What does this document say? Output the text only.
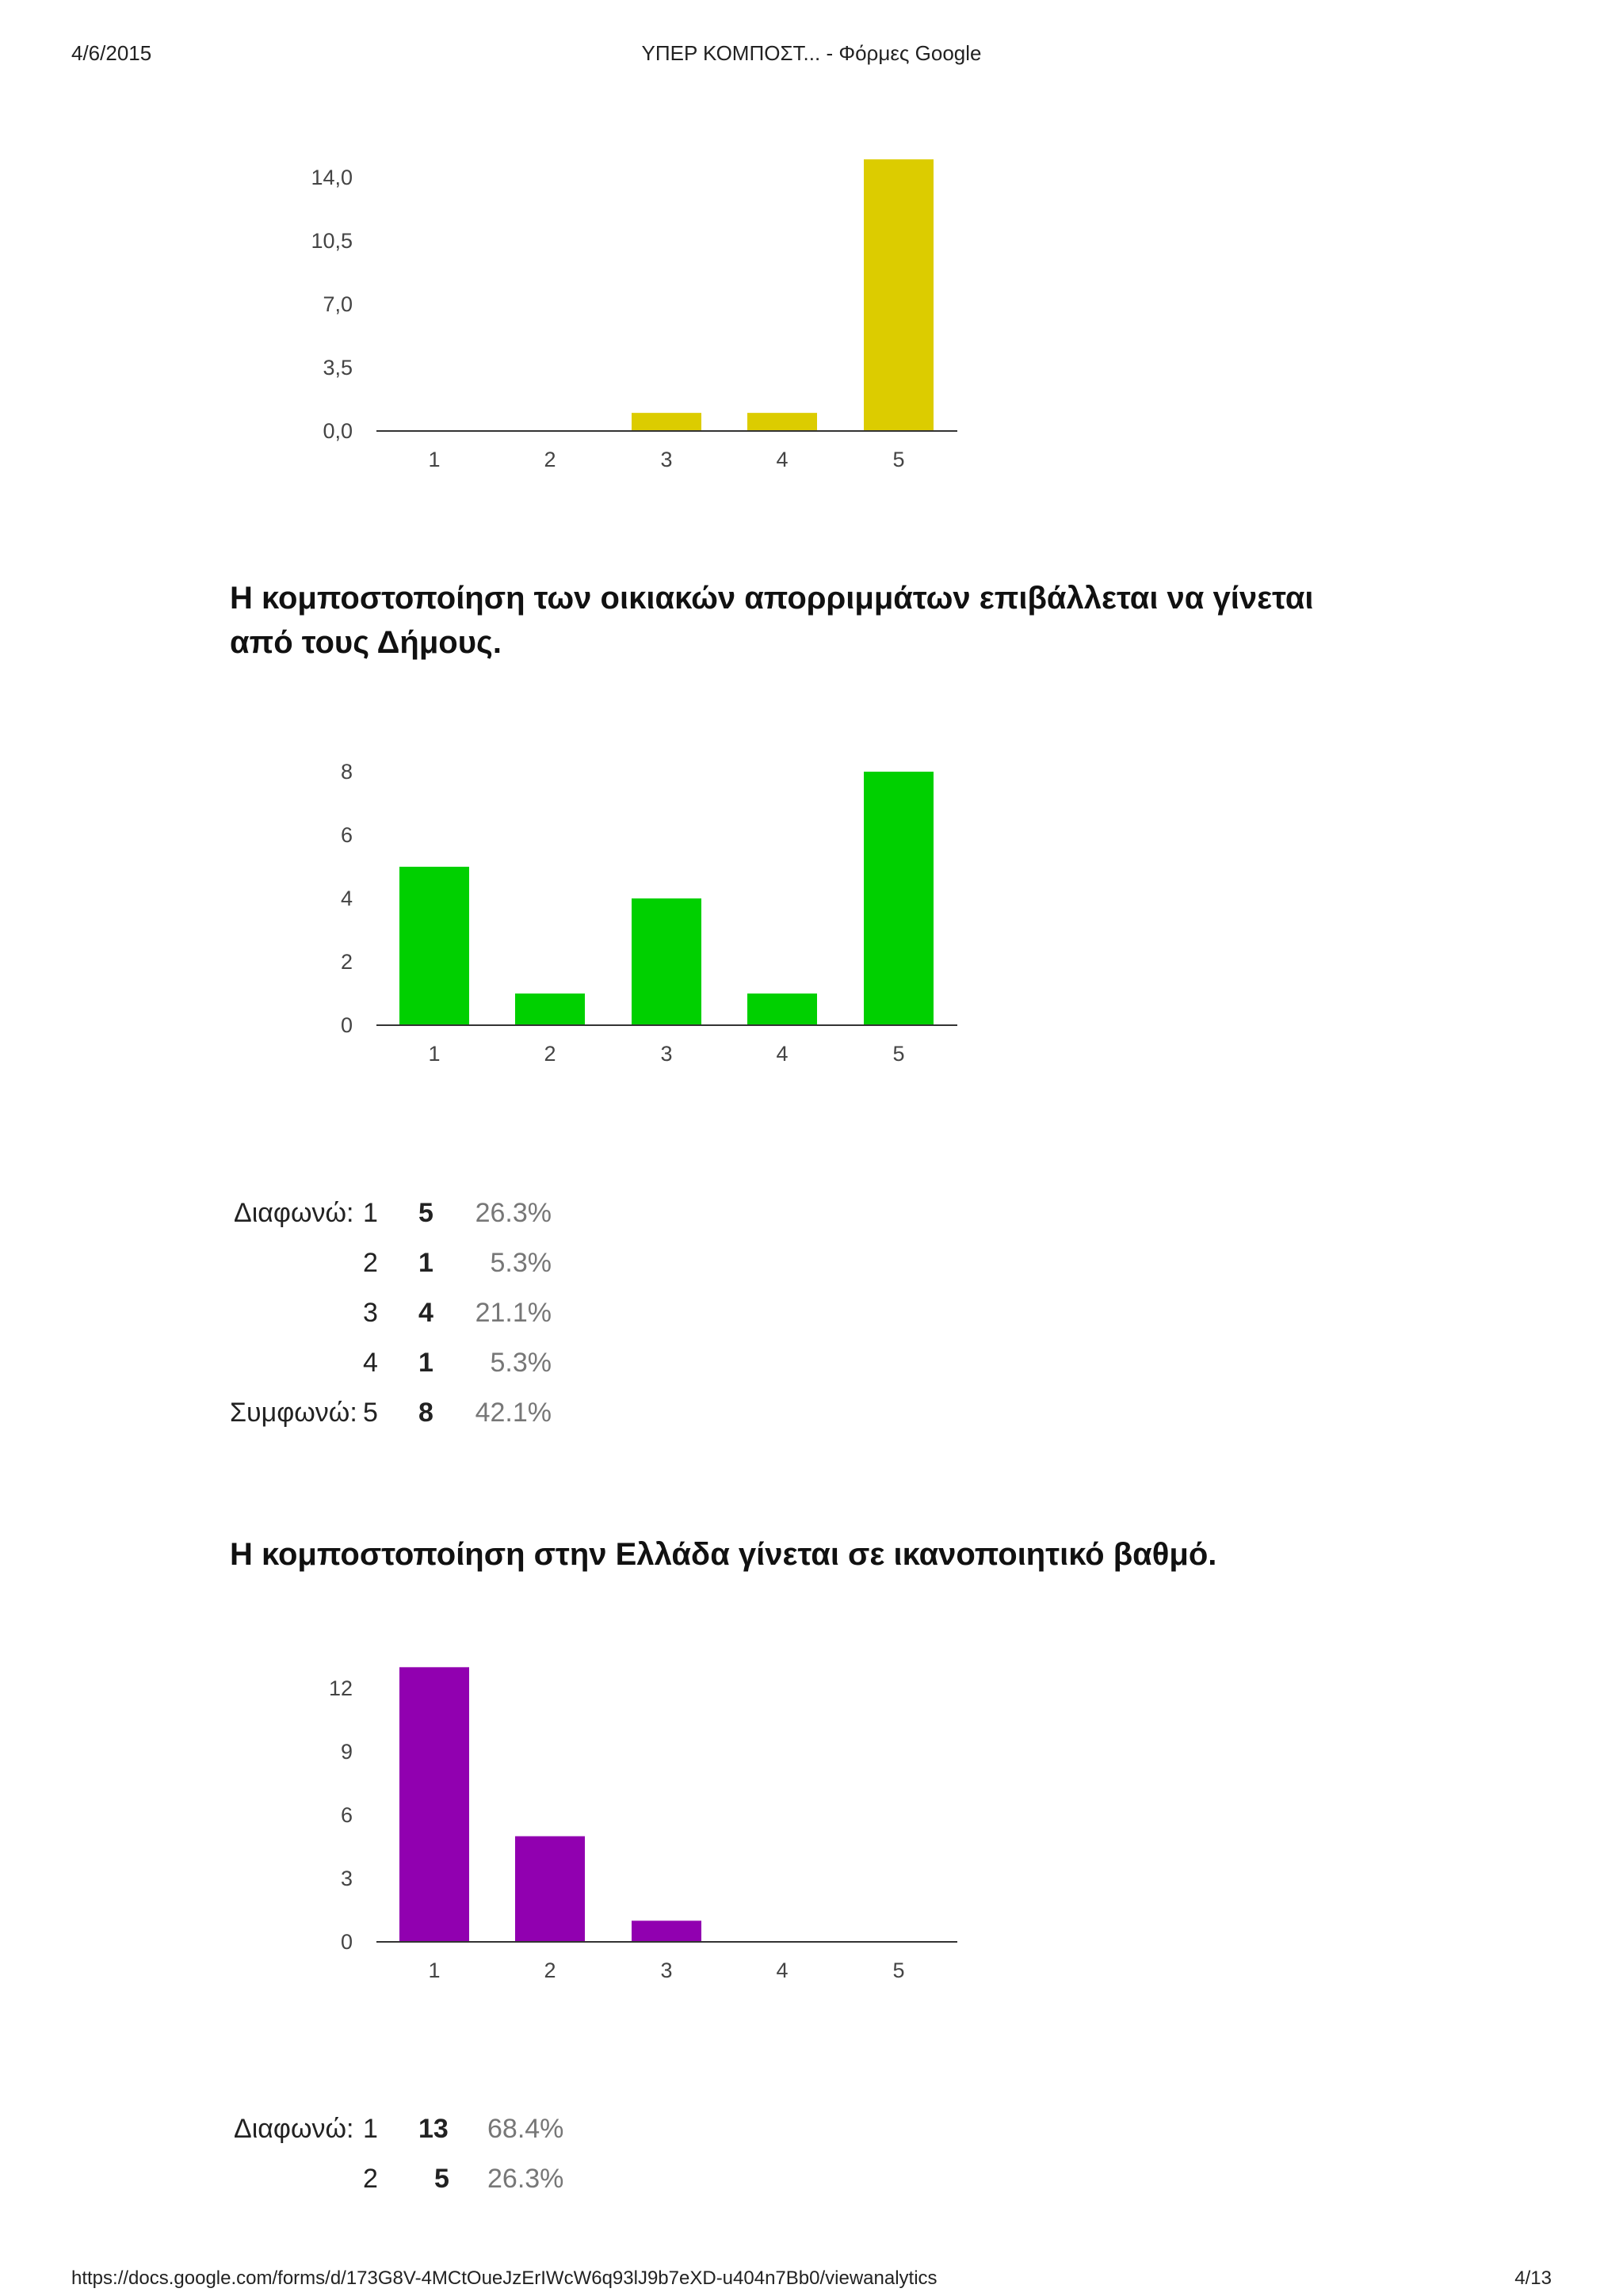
4/6/2015	ΥΠΕΡ ΚΟΜΠΟΣΤ... - Φόρμες Google
0,0
3,5
7,0
10,5
14,0
1	2	3	4	5
Η κομποστοποίηση των οικιακών απορριμμάτων επιβάλλεται να γίνεται από τους Δήμους.
0
2
4
6
8
1	2	3	4	5
Διαφωνώ: 1 5 26.3%
2 1 5.3%
3 4 21.1%
4 1 5.3%
Συμφωνώ: 5 8 42.1%
Η κομποστοποίηση στην Ελλάδα γίνεται σε ικανοποιητικό βαθμό.
0
3
6
9
12
1	2	3	4	5
Διαφωνώ: 1 13 68.4%
2 5 26.3%
https://docs.google.com/forms/d/173G8V-4MCtOueJzErIWcW6q93lJ9b7eXD-u404n7Bb0/viewanalytics	4/13
